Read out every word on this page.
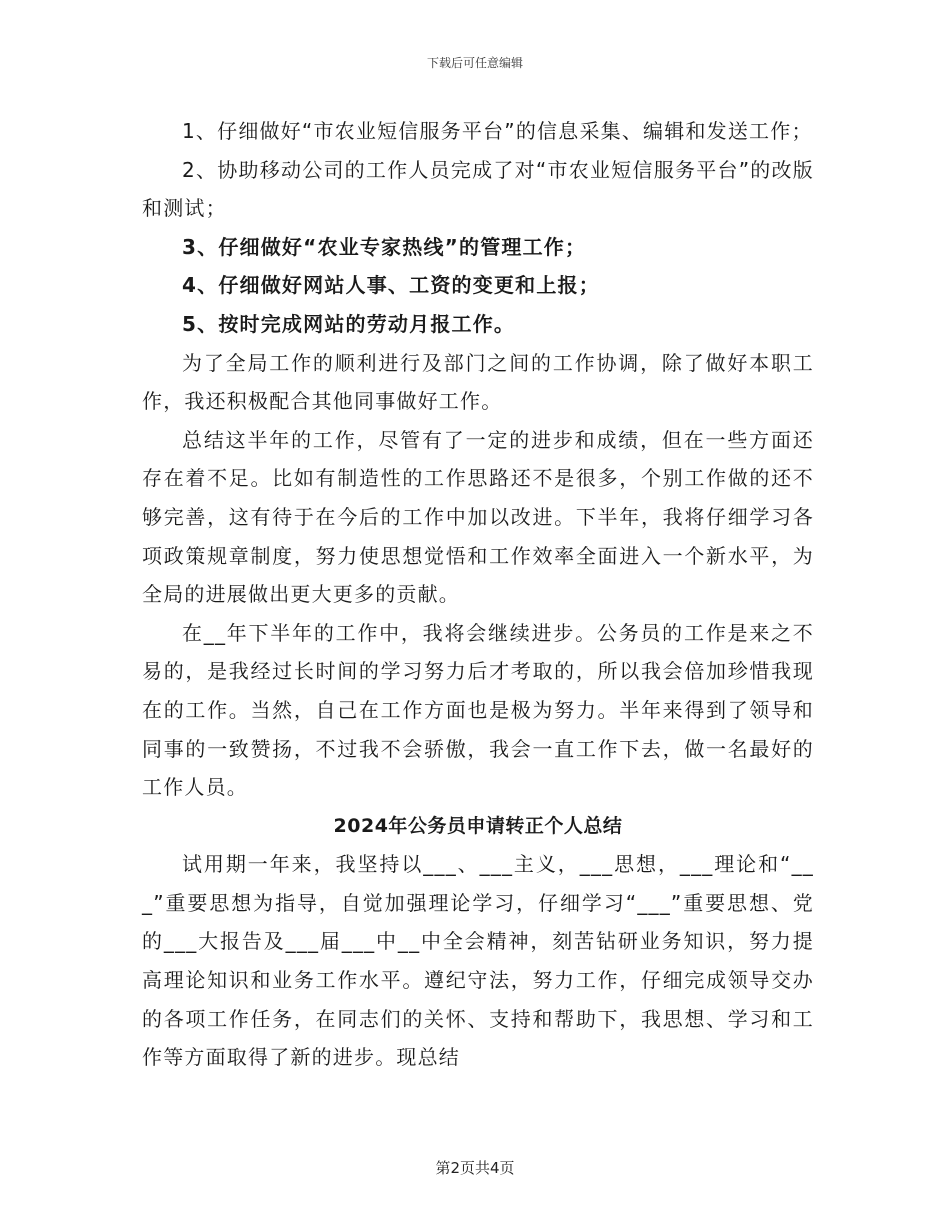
下载后可任意编辑

1、仔细做好“市农业短信服务平台”的信息采集、编辑和发送工作；

2、协助移动公司的工作人员完成了对“市农业短信服务平台”的改版和测试；

3、仔细做好“农业专家热线”的管理工作；

4、仔细做好网站人事、工资的变更和上报；

5、按时完成网站的劳动月报工作。

为了全局工作的顺利进行及部门之间的工作协调，除了做好本职工作，我还积极配合其他同事做好工作。

总结这半年的工作，尽管有了一定的进步和成绩，但在一些方面还存在着不足。比如有制造性的工作思路还不是很多，个别工作做的还不够完善，这有待于在今后的工作中加以改进。下半年，我将仔细学习各项政策规章制度，努力使思想觉悟和工作效率全面进入一个新水平，为全局的进展做出更大更多的贡献。

在__年下半年的工作中，我将会继续进步。公务员的工作是来之不易的，是我经过长时间的学习努力后才考取的，所以我会倍加珍惜我现在的工作。当然，自己在工作方面也是极为努力。半年来得到了领导和同事的一致赞扬，不过我不会骄傲，我会一直工作下去，做一名最好的工作人员。

2024年公务员申请转正个人总结

试用期一年来，我坚持以___、___主义，___思想，___理论和“___”重要思想为指导，自觉加强理论学习，仔细学习“___”重要思想、党的___大报告及___届___中__中全会精神，刻苦钻研业务知识，努力提高理论知识和业务工作水平。遵纪守法，努力工作，仔细完成领导交办的各项工作任务，在同志们的关怀、支持和帮助下，我思想、学习和工作等方面取得了新的进步。现总结

第2页共4页
